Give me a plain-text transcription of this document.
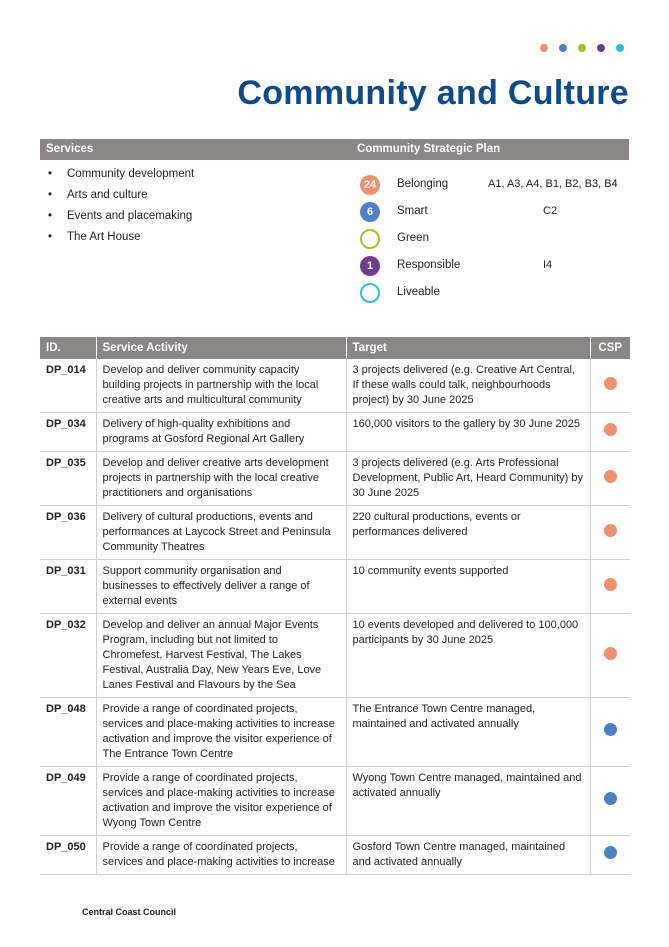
Community and Culture
Services	Community Strategic Plan
• Community development
• Arts and culture
• Events and placemaking
• The Art House
24	Belonging	A1, A3, A4, B1, B2, B3, B4
6	Smart	C2
Green
1	Responsible	I4
Liveable
ID.	Service Activity	Target	CSP
DP_014	Develop and deliver community capacity building projects in partnership with the local creative arts and multicultural community	3 projects delivered (e.g. Creative Art Central, If these walls could talk, neighbourhoods project) by 30 June 2025	
DP_034	Delivery of high-quality exhibitions and programs at Gosford Regional Art Gallery	160,000 visitors to the gallery by 30 June 2025	
DP_035	Develop and deliver creative arts development projects in partnership with the local creative practitioners and organisations	3 projects delivered (e.g. Arts Professional Development, Public Art, Heard Community) by 30 June 2025	
DP_036	Delivery of cultural productions, events and performances at Laycock Street and Peninsula Community Theatres	220 cultural productions, events or performances delivered	
DP_031	Support community organisation and businesses to effectively deliver a range of external events	10 community events supported	
DP_032	Develop and deliver an annual Major Events Program, including but not limited to Chromefest, Harvest Festival, The Lakes Festival, Australia Day, New Years Eve, Love Lanes Festival and Flavours by the Sea	10 events developed and delivered to 100,000 participants by 30 June 2025	
DP_048	Provide a range of coordinated projects, services and place-making activities to increase activation and improve the visitor experience of The Entrance Town Centre	The Entrance Town Centre managed, maintained and activated annually	
DP_049	Provide a range of coordinated projects, services and place-making activities to increase activation and improve the visitor experience of Wyong Town Centre	Wyong Town Centre managed, maintained and activated annually	
DP_050	Provide a range of coordinated projects, services and place-making activities to increase	Gosford Town Centre managed, maintained and activated annually	
Central Coast Council
